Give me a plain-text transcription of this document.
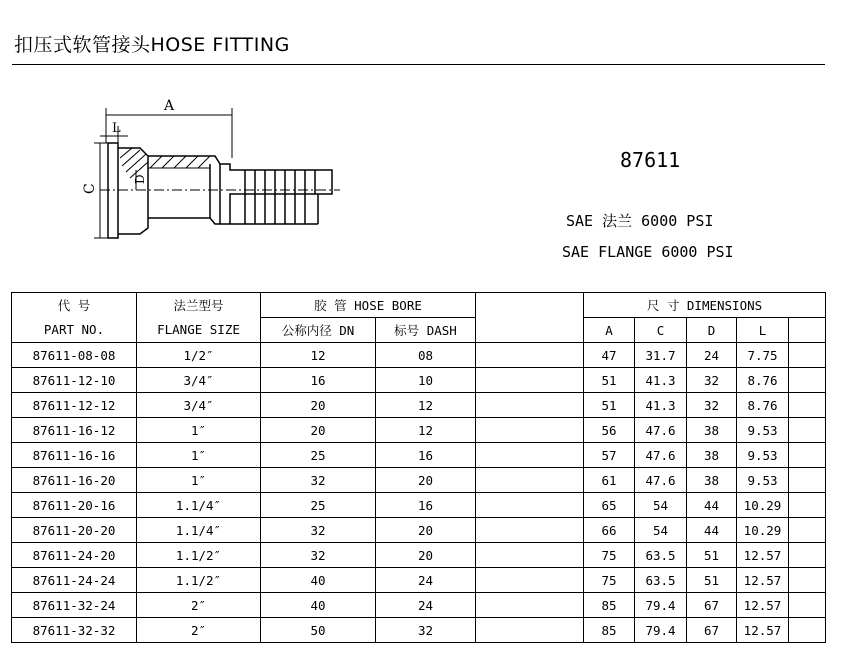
扣压式软管接头HOSE FITTING
A
L
C
D
87611
SAE 法兰 6000 PSI
SAE FLANGE 6000 PSI
代 号	法兰型号	胶 管 HOSE BORE			尺 寸 DIMENSIONS				
PART NO.	FLANGE SIZE	公称内径 DN	标号 DASH		A	C	D	L	
87611-08-08	1/2″	12	08		47	31.7	24	7.75	
87611-12-10	3/4″	16	10		51	41.3	32	8.76	
87611-12-12	3/4″	20	12		51	41.3	32	8.76	
87611-16-12	1″	20	12		56	47.6	38	9.53	
87611-16-16	1″	25	16		57	47.6	38	9.53	
87611-16-20	1″	32	20		61	47.6	38	9.53	
87611-20-16	1.1/4″	25	16		65	54	44	10.29	
87611-20-20	1.1/4″	32	20		66	54	44	10.29	
87611-24-20	1.1/2″	32	20		75	63.5	51	12.57	
87611-24-24	1.1/2″	40	24		75	63.5	51	12.57	
87611-32-24	2″	40	24		85	79.4	67	12.57	
87611-32-32	2″	50	32		85	79.4	67	12.57	
